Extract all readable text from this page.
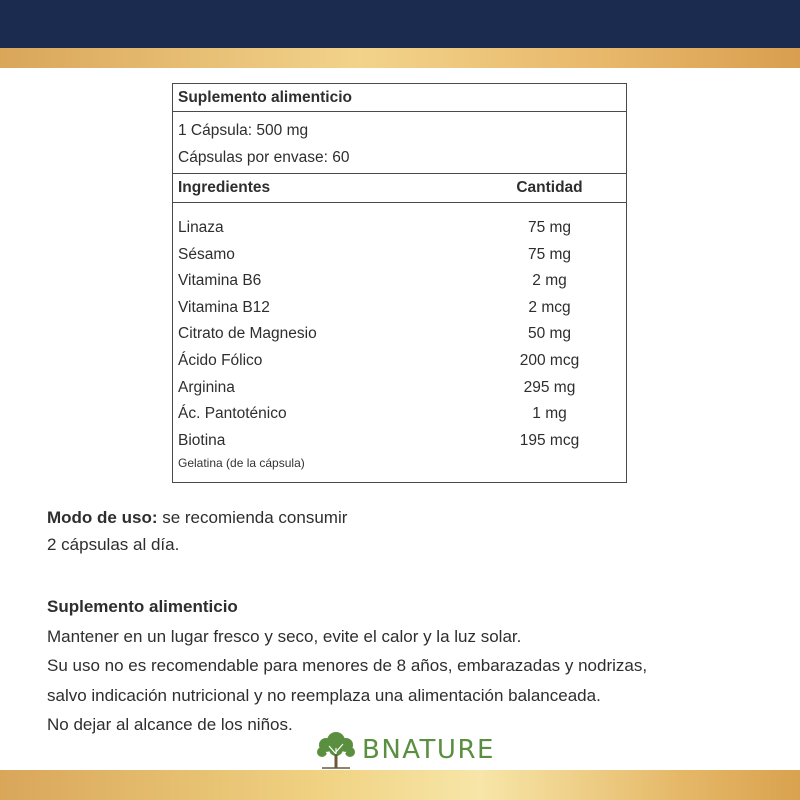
Suplemento alimenticio
1 Cápsula: 500 mg
Cápsulas por envase: 60
Ingredientes	Cantidad
Linaza	75 mg
Sésamo	75 mg
Vitamina B6	2 mg
Vitamina B12	2 mcg
Citrato de Magnesio	50 mg
Ácido Fólico	200 mcg
Arginina	295 mg
Ác. Pantoténico	1 mg
Biotina	195 mcg
Gelatina (de la cápsula)
Modo de uso: se recomienda consumir
2 cápsulas al día.
Suplemento alimenticio
Mantener en un lugar fresco y seco, evite el calor y la luz solar.
Su uso no es recomendable para menores de 8 años, embarazadas y nodrizas,
salvo indicación nutricional y no reemplaza una alimentación balanceada.
No dejar al alcance de los niños.
BNATURE
